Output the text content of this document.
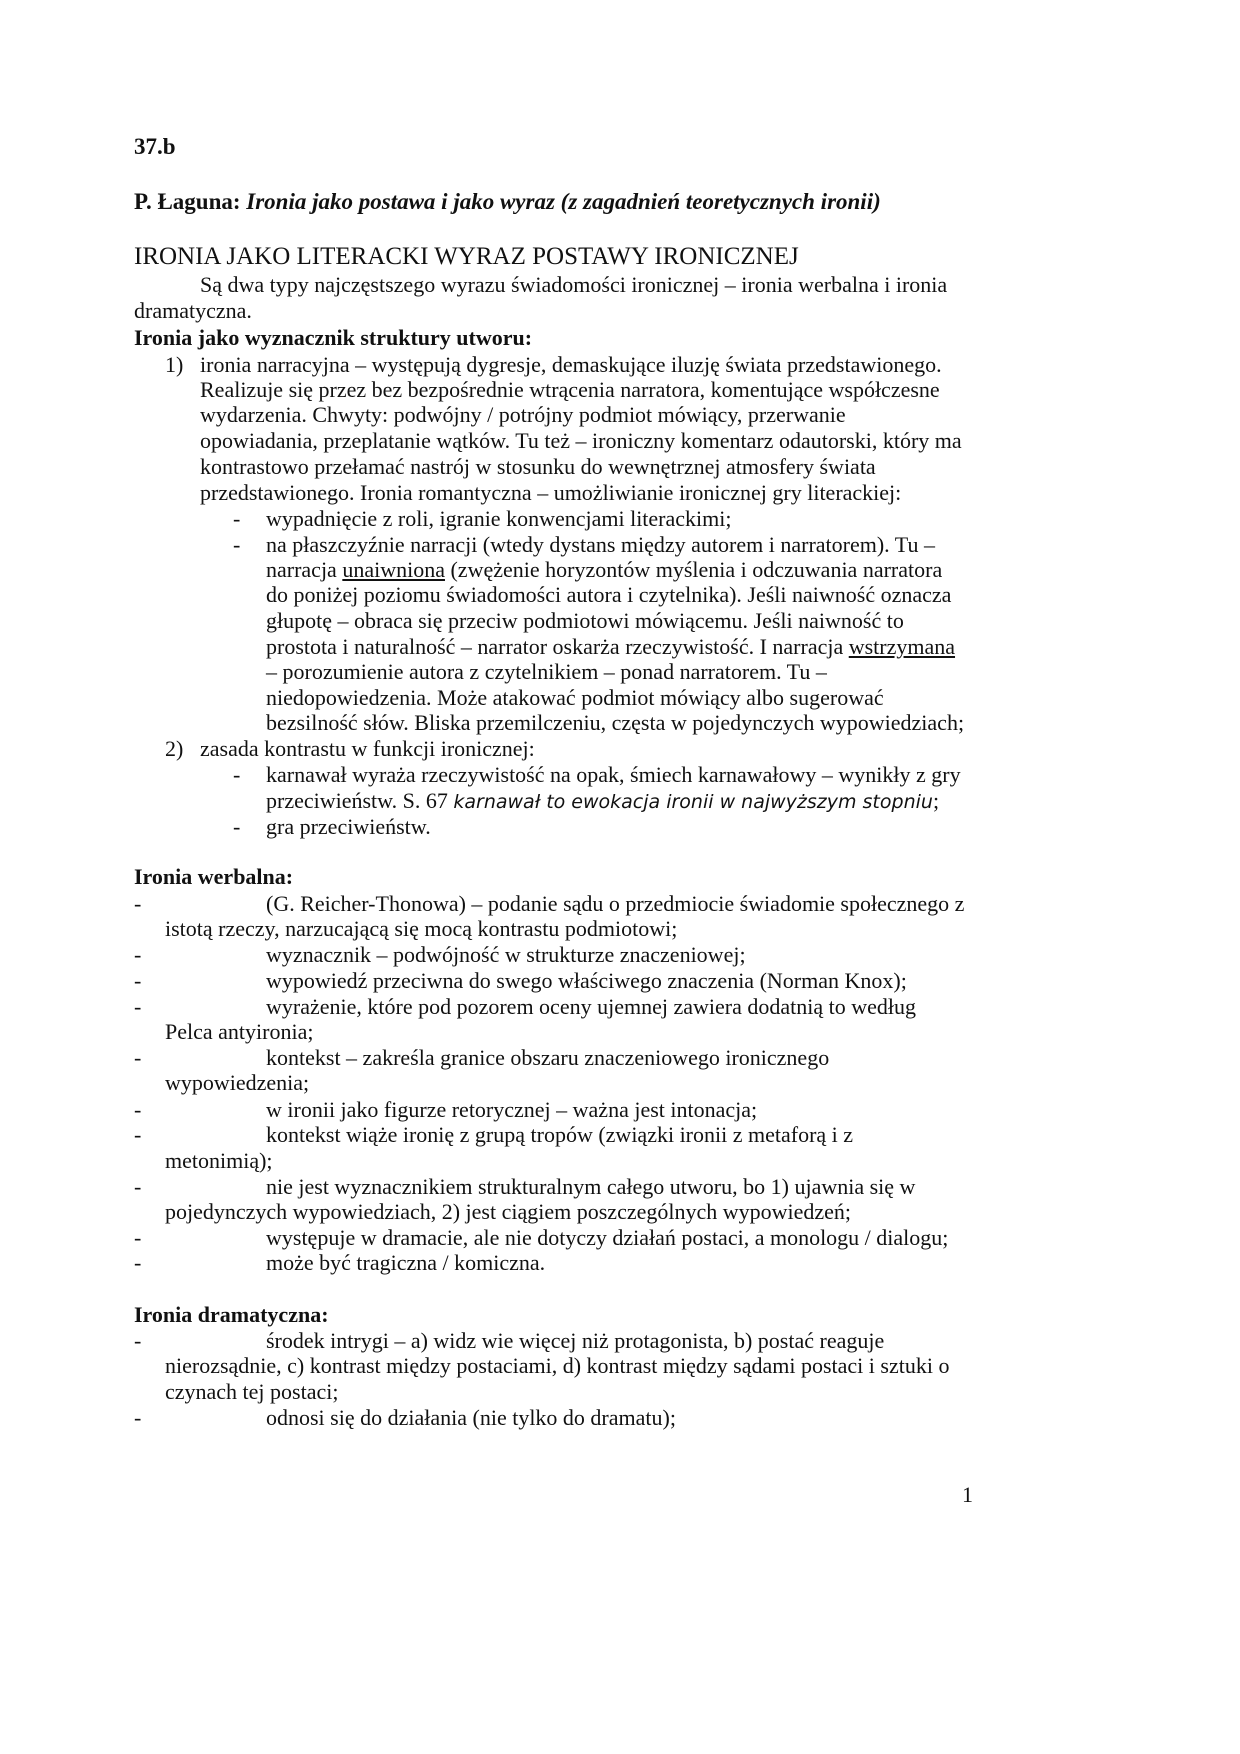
37.b
P. Łaguna: Ironia jako postawa i jako wyraz (z zagadnień teoretycznych ironii)
IRONIA JAKO LITERACKI WYRAZ POSTAWY IRONICZNEJ
Są dwa typy najczęstszego wyrazu świadomości ironicznej – ironia werbalna i ironia
dramatyczna.
Ironia jako wyznacznik struktury utworu:
1) ironia narracyjna – występują dygresje, demaskujące iluzję świata przedstawionego.
Realizuje się przez bez bezpośrednie wtrącenia narratora, komentujące współczesne
wydarzenia. Chwyty: podwójny / potrójny podmiot mówiący, przerwanie
opowiadania, przeplatanie wątków. Tu też – ironiczny komentarz odautorski, który ma
kontrastowo przełamać nastrój w stosunku do wewnętrznej atmosfery świata
przedstawionego. Ironia romantyczna – umożliwianie ironicznej gry literackiej:
- wypadnięcie z roli, igranie konwencjami literackimi;
- na płaszczyźnie narracji (wtedy dystans między autorem i narratorem). Tu –
narracja unaiwniona (zwężenie horyzontów myślenia i odczuwania narratora
do poniżej poziomu świadomości autora i czytelnika). Jeśli naiwność oznacza
głupotę – obraca się przeciw podmiotowi mówiącemu. Jeśli naiwność to
prostota i naturalność – narrator oskarża rzeczywistość. I narracja wstrzymana
– porozumienie autora z czytelnikiem – ponad narratorem. Tu –
niedopowiedzenia. Może atakować podmiot mówiący albo sugerować
bezsilność słów. Bliska przemilczeniu, częsta w pojedynczych wypowiedziach;
2) zasada kontrastu w funkcji ironicznej:
- karnawał wyraża rzeczywistość na opak, śmiech karnawałowy – wynikły z gry
przeciwieństw. S. 67 karnawał to ewokacja ironii w najwyższym stopniu;
- gra przeciwieństw.
Ironia werbalna:
-	(G. Reicher-Thonowa) – podanie sądu o przedmiocie świadomie społecznego z
istotą rzeczy, narzucającą się mocą kontrastu podmiotowi;
-	wyznacznik – podwójność w strukturze znaczeniowej;
-	wypowiedź przeciwna do swego właściwego znaczenia (Norman Knox);
-	wyrażenie, które pod pozorem oceny ujemnej zawiera dodatnią to według
Pelca antyironia;
-	kontekst – zakreśla granice obszaru znaczeniowego ironicznego
wypowiedzenia;
-	w ironii jako figurze retorycznej – ważna jest intonacja;
-	kontekst wiąże ironię z grupą tropów (związki ironii z metaforą i z
metonimią);
-	nie jest wyznacznikiem strukturalnym całego utworu, bo 1) ujawnia się w
pojedynczych wypowiedziach, 2) jest ciągiem poszczególnych wypowiedzeń;
-	występuje w dramacie, ale nie dotyczy działań postaci, a monologu / dialogu;
-	może być tragiczna / komiczna.
Ironia dramatyczna:
-	środek intrygi – a) widz wie więcej niż protagonista, b) postać reaguje
nierozsądnie, c) kontrast między postaciami, d) kontrast między sądami postaci i sztuki o
czynach tej postaci;
-	odnosi się do działania (nie tylko do dramatu);
1
